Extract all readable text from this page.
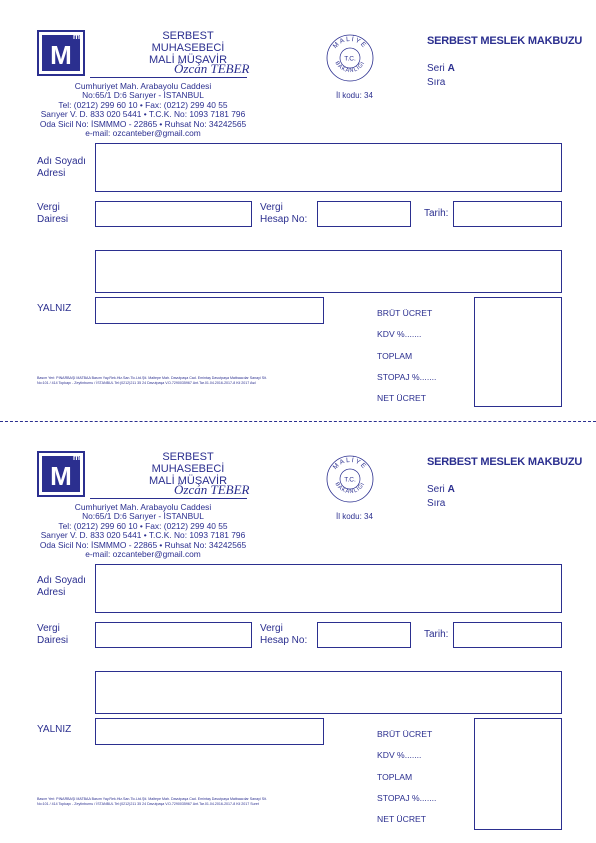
M
m	SERBEST MUHASEBECİ
MALİ MÜŞAVİR
Özcan TEBER
Cumhuriyet Mah. Arabayolu Caddesi
No:65/1 D:6 Sarıyer - İSTANBUL
Tel: (0212) 299 60 10 • Fax: (0212) 299 40 55
Sarıyer V. D. 833 020 5441 • T.C.K. No: 1093 7181 796
Oda Sicil No: İSMMMO - 22865 • Ruhsat No: 34242565
e-mail: ozcanteber@gmail.com
MALİYE
BAKANLIĞI
T.C.
İl kodu: 34
SERBEST MESLEK MAKBUZU
Seri A
Sıra
Adı Soyadı
Adresi
Vergi
Dairesi
Vergi
Hesap No:
Tarih:
YALNIZ	BRÜT ÜCRET
KDV %.......
TOPLAM
STOPAJ %.......
NET ÜCRET
Basım Yeri: PINARBAŞI MATBAA Basım Yay.Rek.Hiz.San.Tic.Ltd.Şti. Maltepe Mah. Davutpaşa Cad. Emintaş Davutpaşa Matbaacılar Sanayi Sit.
No:101 / 414 Topkapı - Zeytinburnu / İSTANBUL Tel:(0212)211 35 24 Davutpaşa V.D.7290035967 Ant.Tar.01.04.2016-2017-8 Kil 2017 Asıl
M
m	SERBEST MUHASEBECİ
MALİ MÜŞAVİR
Özcan TEBER
Cumhuriyet Mah. Arabayolu Caddesi
No:65/1 D:6 Sarıyer - İSTANBUL
Tel: (0212) 299 60 10 • Fax: (0212) 299 40 55
Sarıyer V. D. 833 020 5441 • T.C.K. No: 1093 7181 796
Oda Sicil No: İSMMMO - 22865 • Ruhsat No: 34242565
e-mail: ozcanteber@gmail.com
MALİYE
BAKANLIĞI
T.C.
İl kodu: 34
SERBEST MESLEK MAKBUZU
Seri A
Sıra
Adı Soyadı
Adresi
Vergi
Dairesi
Vergi
Hesap No:
Tarih:
YALNIZ	BRÜT ÜCRET
KDV %.......
TOPLAM
STOPAJ %.......
NET ÜCRET
Basım Yeri: PINARBAŞI MATBAA Basım Yay.Rek.Hiz.San.Tic.Ltd.Şti. Maltepe Mah. Davutpaşa Cad. Emintaş Davutpaşa Matbaacılar Sanayi Sit.
No:101 / 414 Topkapı - Zeytinburnu / İSTANBUL Tel:(0212)211 35 24 Davutpaşa V.D.7290035967 Ant.Tar.01.04.2016-2017-8 Kil 2017 Suret
